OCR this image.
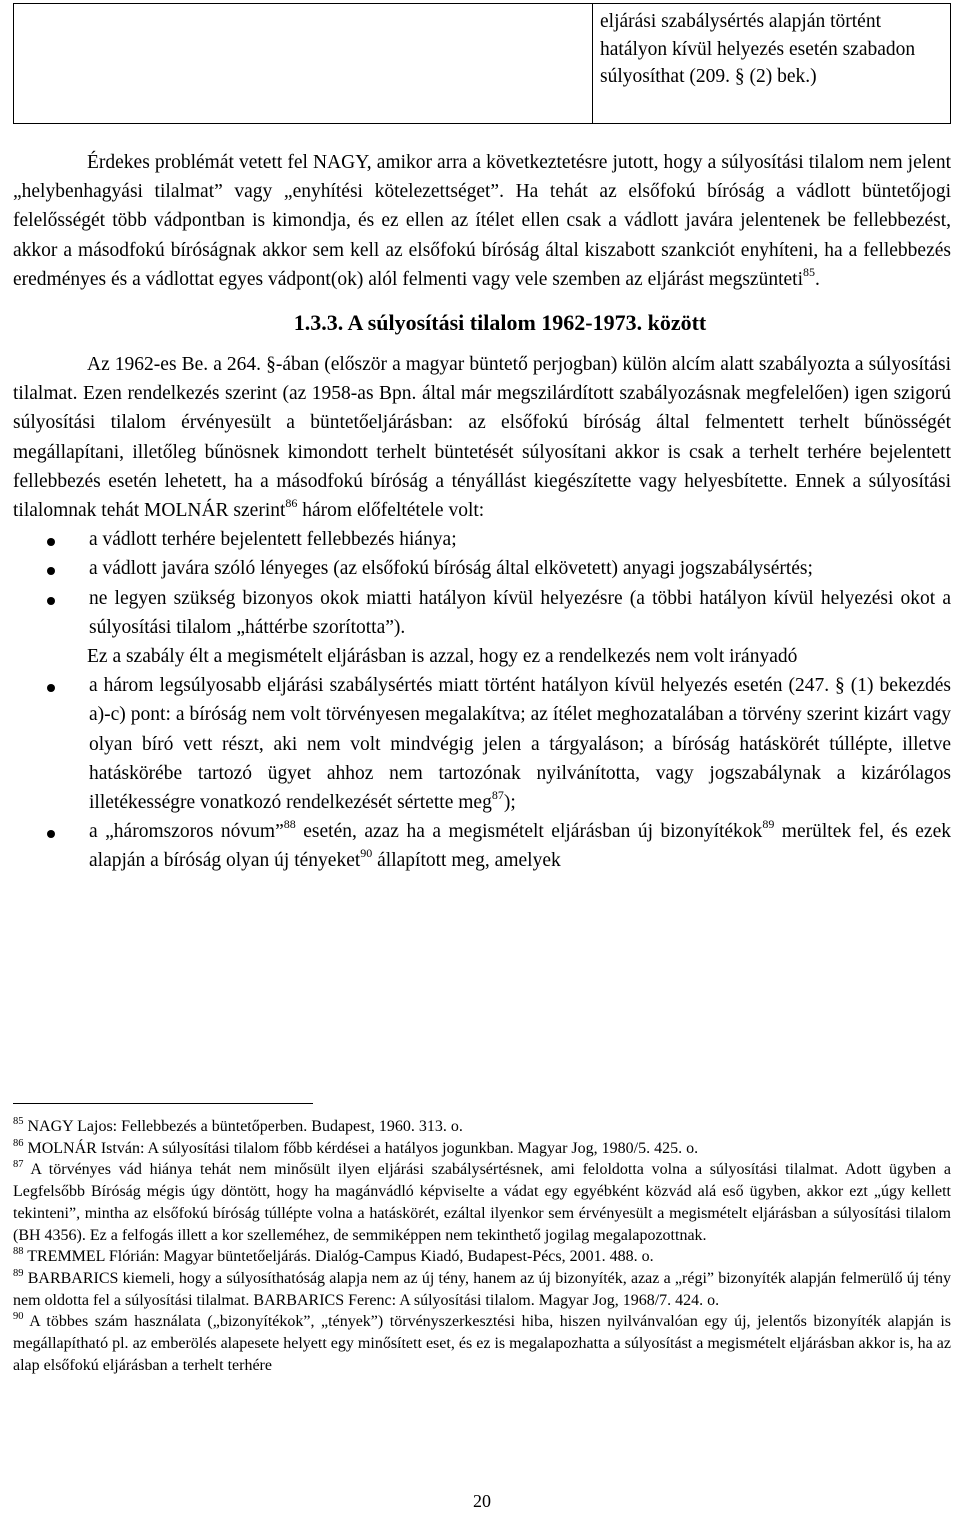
	eljárási szabálysértés alapján történt hatályon kívül helyezés esetén szabadon súlyosíthat (209. § (2) bek.)

Érdekes problémát vetett fel NAGY, amikor arra a következtetésre jutott, hogy a súlyosítási tilalom nem jelent „helybenhagyási tilalmat” vagy „enyhítési kötelezettséget”. Ha tehát az elsőfokú bíróság a vádlott büntetőjogi felelősségét több vádpontban is kimondja, és ez ellen az ítélet ellen csak a vádlott javára jelentenek be fellebbezést, akkor a másodfokú bíróságnak akkor sem kell az elsőfokú bíróság által kiszabott szankciót enyhíteni, ha a fellebbezés eredményes és a vádlottat egyes vádpont(ok) alól felmenti vagy vele szemben az eljárást megszünteti$^{85}$.

1.3.3. A súlyosítási tilalom 1962-1973. között

Az 1962-es Be. a 264. §-ában (először a magyar büntető perjogban) külön alcím alatt szabályozta a súlyosítási tilalmat. Ezen rendelkezés szerint (az 1958-as Bpn. által már megszilárdított szabályozásnak megfelelően) igen szigorú súlyosítási tilalom érvényesült a büntetőeljárásban: az elsőfokú bíróság által felmentett terhelt bűnösségét megállapítani, illetőleg bűnösnek kimondott terhelt büntetését súlyosítani akkor is csak a terhelt terhére bejelentett fellebbezés esetén lehetett, ha a másodfokú bíróság a tényállást kiegészítette vagy helyesbítette. Ennek a súlyosítási tilalomnak tehát MOLNÁR szerint$^{86}$ három előfeltétele volt:

a vádlott terhére bejelentett fellebbezés hiánya;
a vádlott javára szóló lényeges (az elsőfokú bíróság által elkövetett) anyagi jogszabálysértés;
ne legyen szükség bizonyos okok miatti hatályon kívül helyezésre (a többi hatályon kívül helyezési okot a súlyosítási tilalom „háttérbe szorította”).

Ez a szabály élt a megismételt eljárásban is azzal, hogy ez a rendelkezés nem volt irányadó

a három legsúlyosabb eljárási szabálysértés miatt történt hatályon kívül helyezés esetén (247. § (1) bekezdés a)-c) pont: a bíróság nem volt törvényesen megalakítva; az ítélet meghozatalában a törvény szerint kizárt vagy olyan bíró vett részt, aki nem volt mindvégig jelen a tárgyaláson; a bíróság hatáskörét túllépte, illetve hatáskörébe tartozó ügyet ahhoz nem tartozónak nyilvánította, vagy jogszabálynak a kizárólagos illetékességre vonatkozó rendelkezését sértette meg$^{87}$);
a „háromszoros nóvum”$^{88}$ esetén, azaz ha a megismételt eljárásban új bizonyítékok$^{89}$ merültek fel, és ezek alapján a bíróság olyan új tényeket$^{90}$ állapított meg, amelyek

$^{85}$ NAGY Lajos: Fellebbezés a büntetőperben. Budapest, 1960. 313. o.

$^{86}$ MOLNÁR István: A súlyosítási tilalom főbb kérdései a hatályos jogunkban. Magyar Jog, 1980/5. 425. o.

$^{87}$ A törvényes vád hiánya tehát nem minősült ilyen eljárási szabálysértésnek, ami feloldotta volna a súlyosítási tilalmat. Adott ügyben a Legfelsőbb Bíróság mégis úgy döntött, hogy ha magánvádló képviselte a vádat egy egyébként közvád alá eső ügyben, akkor ezt „úgy kellett tekinteni”, mintha az elsőfokú bíróság túllépte volna a hatáskörét, ezáltal ilyenkor sem érvényesült a megismételt eljárásban a súlyosítási tilalom (BH 4356). Ez a felfogás illett a kor szelleméhez, de semmiképpen nem tekinthető jogilag megalapozottnak.

$^{88}$ TREMMEL Flórián: Magyar büntetőeljárás. Dialóg-Campus Kiadó, Budapest-Pécs, 2001. 488. o.

$^{89}$ BARBARICS kiemeli, hogy a súlyosíthatóság alapja nem az új tény, hanem az új bizonyíték, azaz a „régi” bizonyíték alapján felmerülő új tény nem oldotta fel a súlyosítási tilalmat. BARBARICS Ferenc: A súlyosítási tilalom. Magyar Jog, 1968/7. 424. o.

$^{90}$ A többes szám használata („bizonyítékok”, „tények”) törvényszerkesztési hiba, hiszen nyilvánvalóan egy új, jelentős bizonyíték alapján is megállapítható pl. az emberölés alapesete helyett egy minősített eset, és ez is megalapozhatta a súlyosítást a megismételt eljárásban akkor is, ha az alap elsőfokú eljárásban a terhelt terhére

20
